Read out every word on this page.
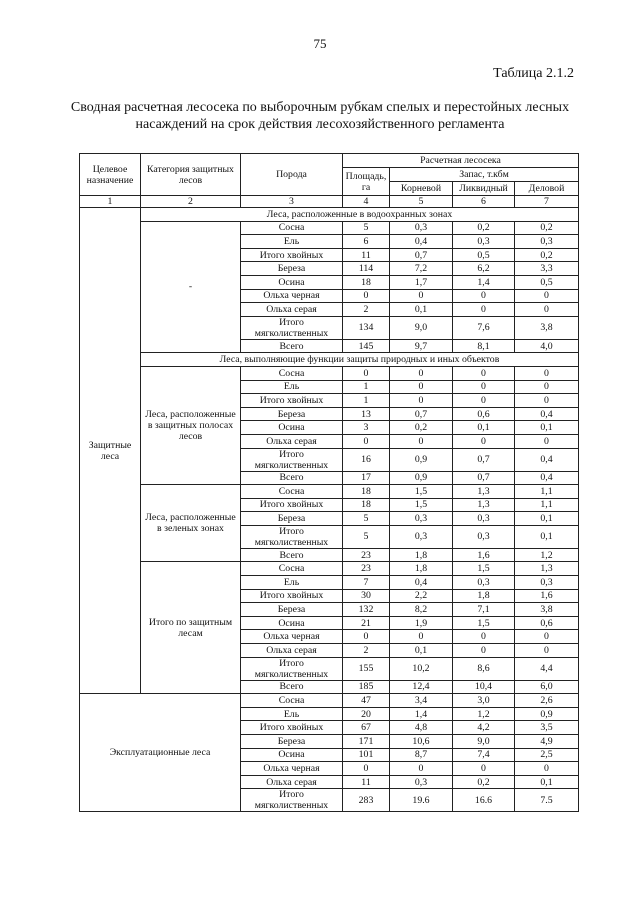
75
Таблица 2.1.2
Сводная расчетная лесосека по выборочным рубкам спелых и перестойных лесных насаждений на срок действия лесохозяйственного регламента
Целевое назначение	Категория защитных лесов	Порода	Расчетная лесосека			
			Площадь, га	Запас, т.кбм		
				Корневой	Ликвидный	Деловой
1	2	3	4	5	6	7
Защитные леса	Леса, расположенные в водоохранных зонах					
	-	Сосна	5	0,3	0,2	0,2
		Ель	6	0,4	0,3	0,3
		Итого хвойных	11	0,7	0,5	0,2
		Береза	114	7,2	6,2	3,3
		Осина	18	1,7	1,4	0,5
		Ольха черная	0	0	0	0
		Ольха серая	2	0,1	0	0
		Итого мягколиственных	134	9,0	7,6	3,8
		Всего	145	9,7	8,1	4,0
	Леса, выполняющие функции защиты природных и иных объектов					
	Леса, расположенные в защитных полосах лесов	Сосна	0	0	0	0
		Ель	1	0	0	0
		Итого хвойных	1	0	0	0
		Береза	13	0,7	0,6	0,4
		Осина	3	0,2	0,1	0,1
		Ольха серая	0	0	0	0
		Итого мягколиственных	16	0,9	0,7	0,4
		Всего	17	0,9	0,7	0,4
	Леса, расположенные в зеленых зонах	Сосна	18	1,5	1,3	1,1
		Итого хвойных	18	1,5	1,3	1,1
		Береза	5	0,3	0,3	0,1
		Итого мягколиственных	5	0,3	0,3	0,1
		Всего	23	1,8	1,6	1,2
	Итого по защитным лесам	Сосна	23	1,8	1,5	1,3
		Ель	7	0,4	0,3	0,3
		Итого хвойных	30	2,2	1,8	1,6
		Береза	132	8,2	7,1	3,8
		Осина	21	1,9	1,5	0,6
		Ольха черная	0	0	0	0
		Ольха серая	2	0,1	0	0
		Итого мягколиственных	155	10,2	8,6	4,4
		Всего	185	12,4	10,4	6,0
Эксплуатационные леса		Сосна	47	3,4	3,0	2,6
		Ель	20	1,4	1,2	0,9
		Итого хвойных	67	4,8	4,2	3,5
		Береза	171	10,6	9,0	4,9
		Осина	101	8,7	7,4	2,5
		Ольха черная	0	0	0	0
		Ольха серая	11	0,3	0,2	0,1
		Итого мягколиственных	283	19.6	16.6	7.5
